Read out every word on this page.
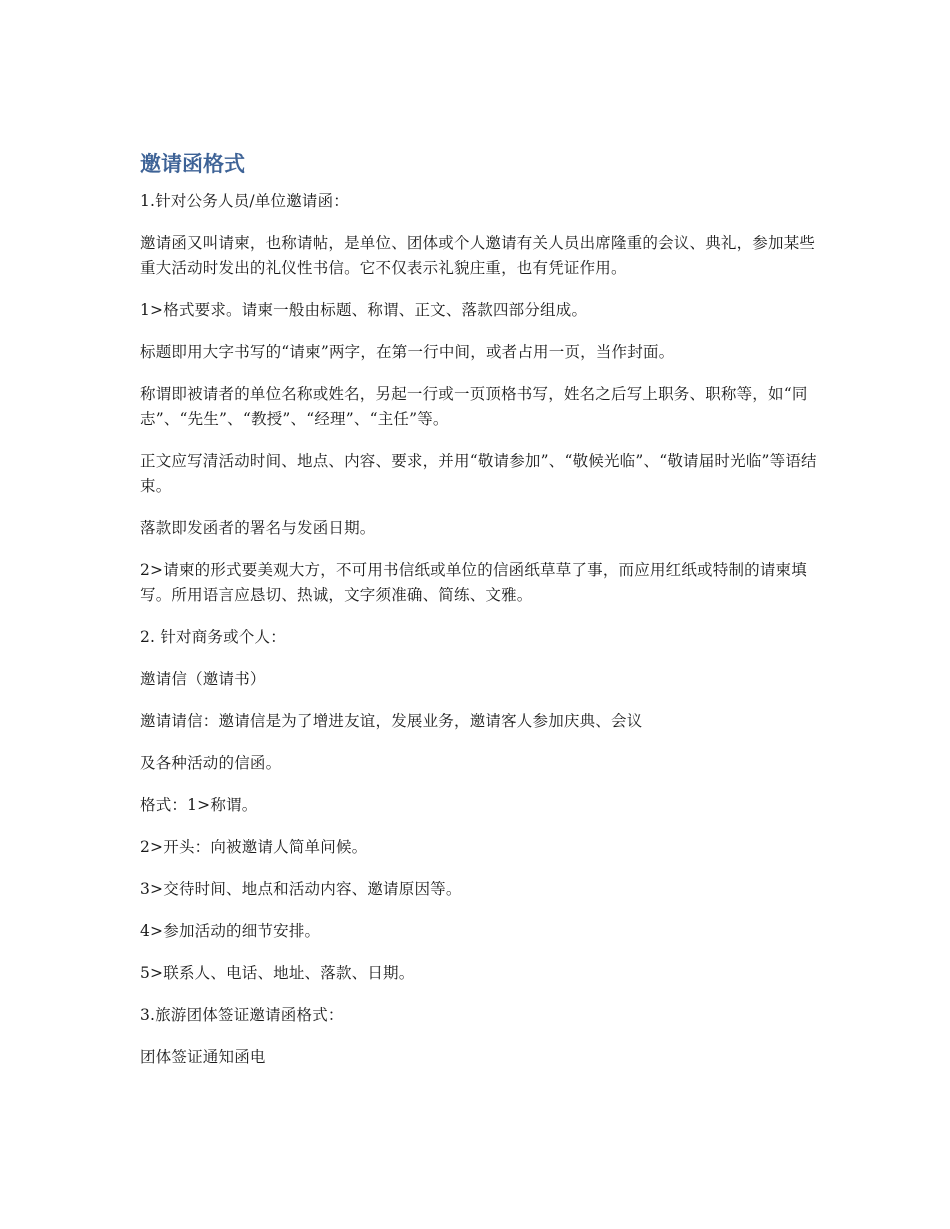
邀请函格式

1.针对公务人员/单位邀请函：

邀请函又叫请柬，也称请帖，是单位、团体或个人邀请有关人员出席隆重的会议、典礼，参加某些重大活动时发出的礼仪性书信。它不仅表示礼貌庄重，也有凭证作用。

1>格式要求。请柬一般由标题、称谓、正文、落款四部分组成。

标题即用大字书写的“请柬”两字，在第一行中间，或者占用一页，当作封面。

称谓即被请者的单位名称或姓名，另起一行或一页顶格书写，姓名之后写上职务、职称等，如“同志”、“先生”、“教授”、“经理”、“主任”等。

正文应写清活动时间、地点、内容、要求，并用“敬请参加”、“敬候光临”、“敬请届时光临”等语结束。

落款即发函者的署名与发函日期。

2>请柬的形式要美观大方，不可用书信纸或单位的信函纸草草了事，而应用红纸或特制的请柬填写。所用语言应恳切、热诚，文字须准确、简练、文雅。

2. 针对商务或个人：

邀请信（邀请书）

邀请请信：邀请信是为了增进友谊，发展业务，邀请客人参加庆典、会议

及各种活动的信函。

格式：1>称谓。

2>开头：向被邀请人简单问候。

3>交待时间、地点和活动内容、邀请原因等。

4>参加活动的细节安排。

5>联系人、电话、地址、落款、日期。

3.旅游团体签证邀请函格式：

团体签证通知函电
